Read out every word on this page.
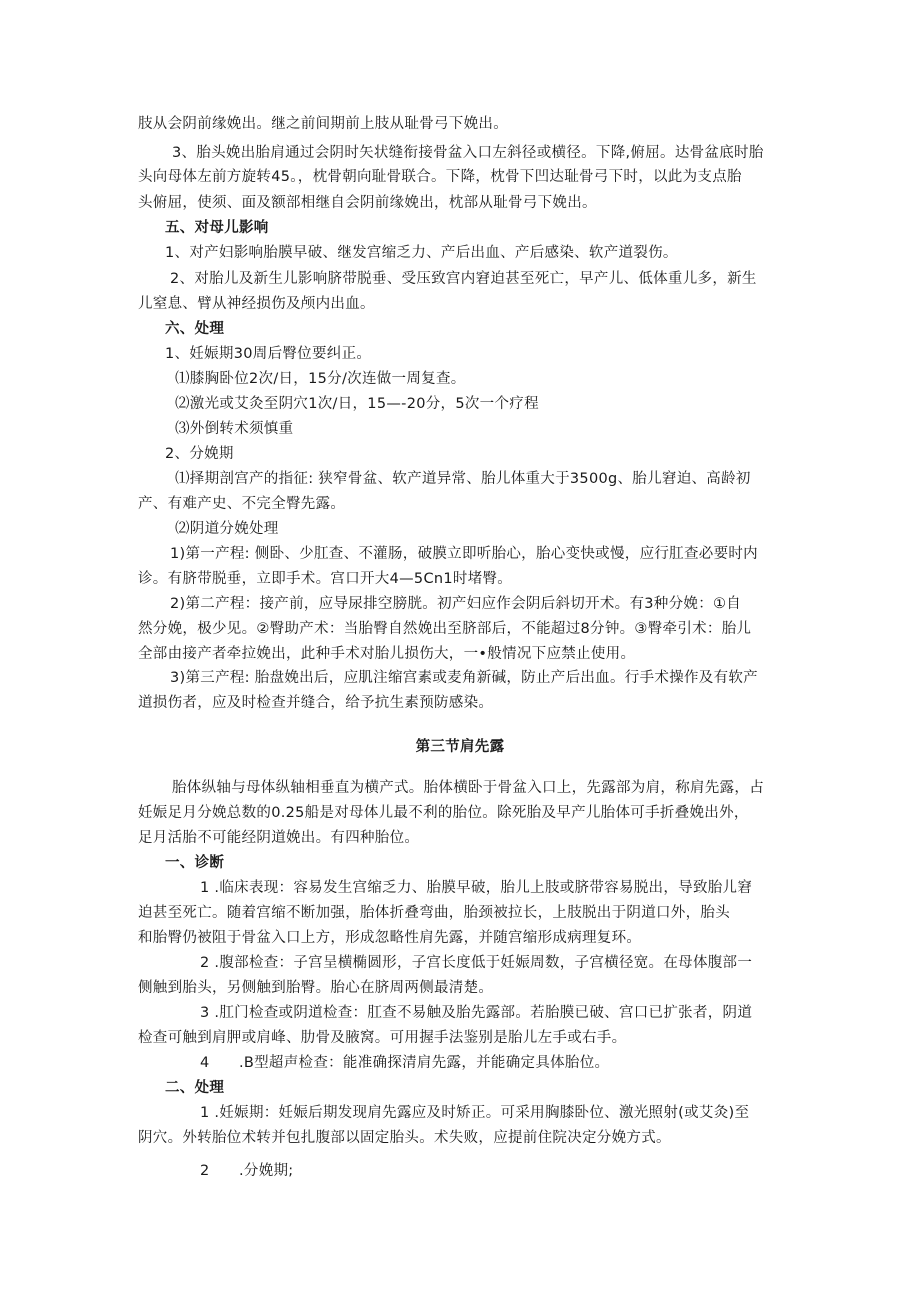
肢从会阴前缘娩出。继之前间期前上肢从耻骨弓下娩出。
3、胎头娩出胎肩通过会阴时矢状缝衔接骨盆入口左斜径或横径。下降,俯屈。达骨盆底时胎
头向母体左前方旋转45。，枕骨朝向耻骨联合。下降，枕骨下凹达耻骨弓下时，以此为支点胎
头俯屈，使须、面及额部相继自会阴前缘娩出，枕部从耻骨弓下娩出。
五、对母儿影响
1、对产妇影响胎膜早破、继发宫缩乏力、产后出血、产后感染、软产道裂伤。
2、对胎儿及新生儿影响脐带脱垂、受压致宫内窘迫甚至死亡，早产儿、低体重儿多，新生
儿窒息、臂从神经损伤及颅内出血。
六、处理
1、妊娠期30周后臀位要纠正。
⑴膝胸卧位2次/日，15分/次连做一周复查。
⑵激光或艾灸至阴穴1次/日，15—-20分，5次一个疗程
⑶外倒转术须慎重
2、分娩期
⑴择期剖宫产的指征: 狭窄骨盆、软产道异常、胎儿体重大于3500g、胎儿窘迫、高龄初
产、有难产史、不完全臀先露。
⑵阴道分娩处理
1)第一产程: 侧卧、少肛查、不灌肠，破膜立即听胎心，胎心变快或慢，应行肛查必要时内
诊。有脐带脱垂，立即手术。宫口开大4—5Cn1时堵臀。
2)第二产程：接产前，应导尿排空膀胱。初产妇应作会阴后斜切开术。有3种分娩：①自
然分娩，极少见。②臀助产术：当胎臀自然娩出至脐部后，不能超过8分钟。③臀牵引术：胎儿
全部由接产者牵拉娩出，此种手术对胎儿损伤大，一•般情况下应禁止使用。
3)第三产程: 胎盘娩出后，应肌注缩宫素或麦角新碱，防止产后出血。行手术操作及有软产
道损伤者，应及时检查并缝合，给予抗生素预防感染。
第三节肩先露
胎体纵轴与母体纵轴相垂直为横产式。胎体横卧于骨盆入口上，先露部为肩，称肩先露，占
妊娠足月分娩总数的0.25船是对母体儿最不利的胎位。除死胎及早产儿胎体可手折叠娩出外，
足月活胎不可能经阴道娩出。有四种胎位。
一、诊断
1 .临床表现：容易发生宫缩乏力、胎膜早破，胎儿上肢或脐带容易脱出，导致胎儿窘
迫甚至死亡。随着宫缩不断加强，胎体折叠弯曲，胎颈被拉长，上肢脱出于阴道口外，胎头
和胎臀仍被阻于骨盆入口上方，形成忽略性肩先露，并随宫缩形成病理复环。
2 .腹部检查：子宫呈横椭圆形，子宫长度低于妊娠周数，子宫横径宽。在母体腹部一
侧触到胎头，另侧触到胎臀。胎心在脐周两侧最清楚。
3 .肛门检查或阴道检查：肛查不易触及胎先露部。若胎膜已破、宫口已扩张者，阴道
检查可触到肩胛或肩峰、肋骨及腋窝。可用握手法鉴别是胎儿左手或右手。
4      .B型超声检查：能准确探清肩先露，并能确定具体胎位。
二、处理
1 .妊娠期：妊娠后期发现肩先露应及时矫正。可采用胸膝卧位、激光照射(或艾灸)至
阴穴。外转胎位术转并包扎腹部以固定胎头。术失败，应提前住院决定分娩方式。
2      .分娩期;
